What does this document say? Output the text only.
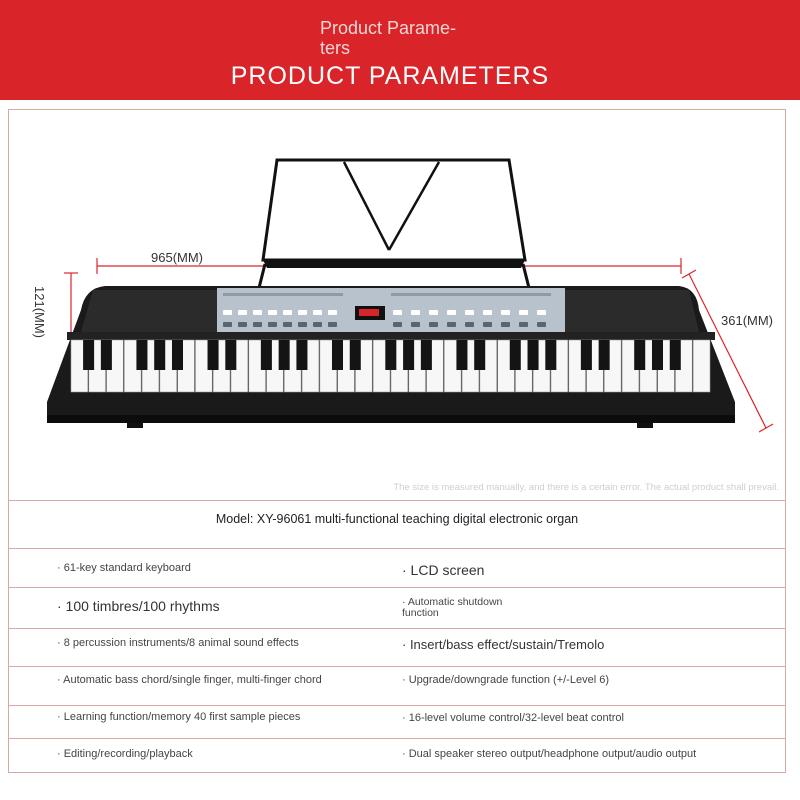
Product Parame-
ters
PRODUCT PARAMETERS
965(MM)
121(MM)	361(MM)
The size is measured manually, and there is a certain error. The actual product shall prevail.
Model: XY-96061 multi-functional teaching digital electronic organ
· 61-key standard keyboard	· LCD screen
· 100 timbres/100 rhythms	· Automatic shutdown function
· 8 percussion instruments/8 animal sound effects	· Insert/bass effect/sustain/Tremolo
· Automatic bass chord/single finger, multi-finger chord	· Upgrade/downgrade function (+/-Level 6)
· Learning function/memory 40 first sample pieces	· 16-level volume control/32-level beat control
· Editing/recording/playback	· Dual speaker stereo output/headphone output/audio output
